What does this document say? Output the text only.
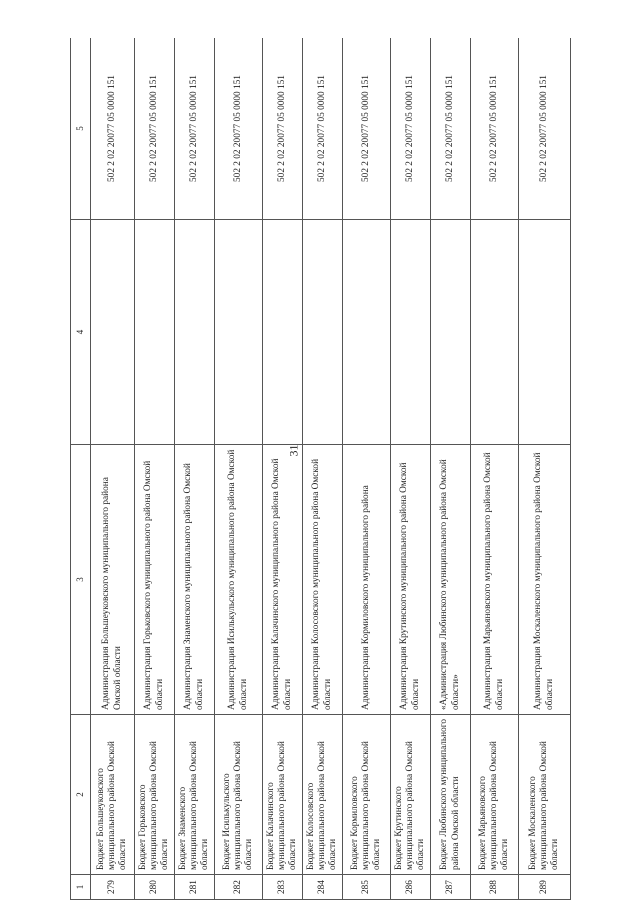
31
1	2	3	4	5
279	Бюджет Большеуковского муниципального района Омской области	Администрация Большеуковского муниципального района Омской области		502 2 02 20077 05 0000 151
280	Бюджет Горьковского муниципального района Омской области	Администрация Горьковского муниципального района Омской области		502 2 02 20077 05 0000 151
281	Бюджет Знаменского муниципального района Омской области	Администрация Знаменского муниципального района Омской области		502 2 02 20077 05 0000 151
282	Бюджет Исилькульского муниципального района Омской области	Администрация Исилькульского муниципального района Омской области		502 2 02 20077 05 0000 151
283	Бюджет Калачинского муниципального района Омской области	Администрация Калачинского муниципального района Омской области		502 2 02 20077 05 0000 151
284	Бюджет Колосовского муниципального района Омской области	Администрация Колосовского муниципального района Омской области		502 2 02 20077 05 0000 151
285	Бюджет Кормиловского муниципального района Омской области	Администрация Кормиловского муниципального района		502 2 02 20077 05 0000 151
286	Бюджет Крутинского муниципального района Омской области	Администрация Крутинского муниципального района Омской области		502 2 02 20077 05 0000 151
287	Бюджет Любинского муниципального района Омской области	«Администрация Любинского муниципального района Омской области»		502 2 02 20077 05 0000 151
288	Бюджет Марьяновского муниципального района Омской области	Администрация Марьяновского муниципального района Омской области		502 2 02 20077 05 0000 151
289	Бюджет Москаленского муниципального района Омской области	Администрация Москаленского муниципального района Омской области		502 2 02 20077 05 0000 151
